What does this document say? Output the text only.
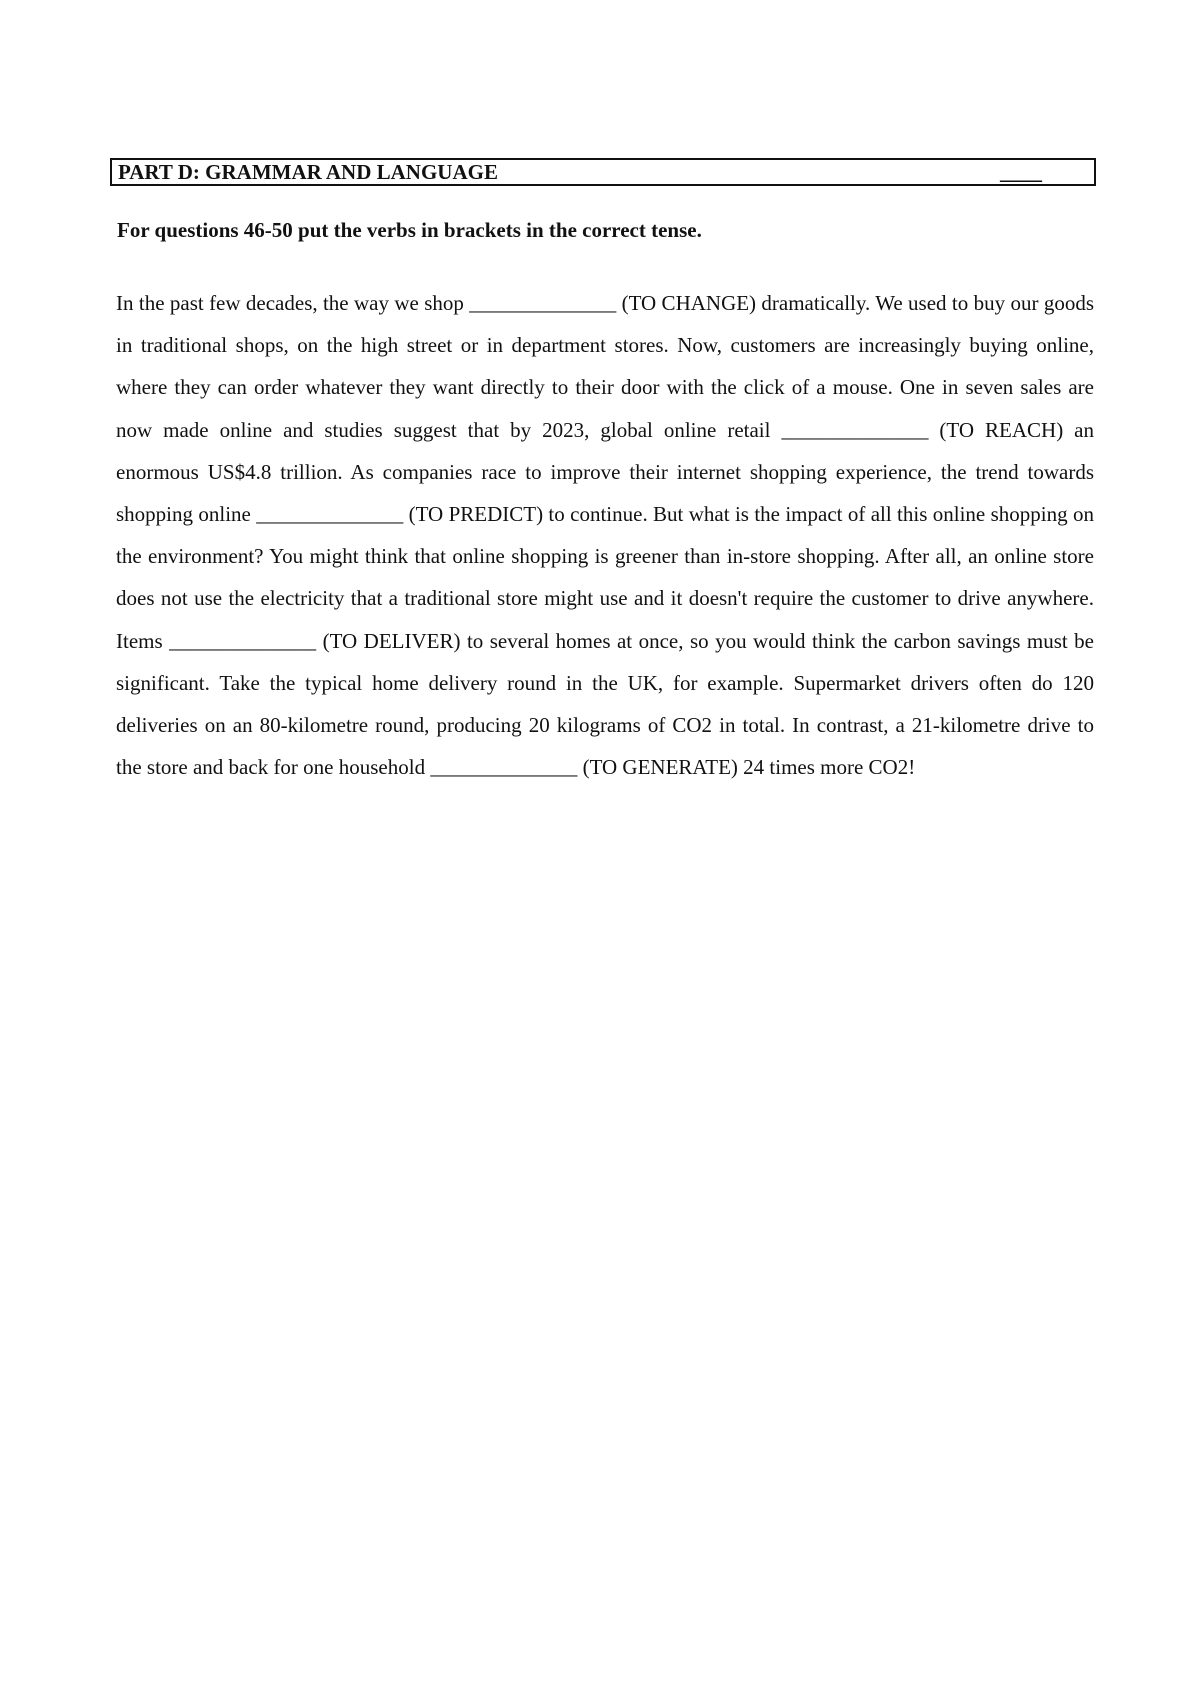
PART D: GRAMMAR AND LANGUAGE	____

For questions 46-50 put the verbs in brackets in the correct tense.

In the past few decades, the way we shop ______________ (TO CHANGE) dramatically. We used to buy our goods in traditional shops, on the high street or in department stores. Now, customers are increasingly buying online, where they can order whatever they want directly to their door with the click of a mouse. One in seven sales are now made online and studies suggest that by 2023, global online retail ______________ (TO REACH) an enormous US$4.8 trillion. As companies race to improve their internet shopping experience, the trend towards shopping online ______________ (TO PREDICT) to continue. But what is the impact of all this online shopping on the environment? You might think that online shopping is greener than in-store shopping. After all, an online store does not use the electricity that a traditional store might use and it doesn't require the customer to drive anywhere. Items ______________ (TO DELIVER) to several homes at once, so you would think the carbon savings must be significant. Take the typical home delivery round in the UK, for example. Supermarket drivers often do 120 deliveries on an 80-kilometre round, producing 20 kilograms of CO2 in total. In contrast, a 21-kilometre drive to the store and back for one household ______________ (TO GENERATE) 24 times more CO2!
